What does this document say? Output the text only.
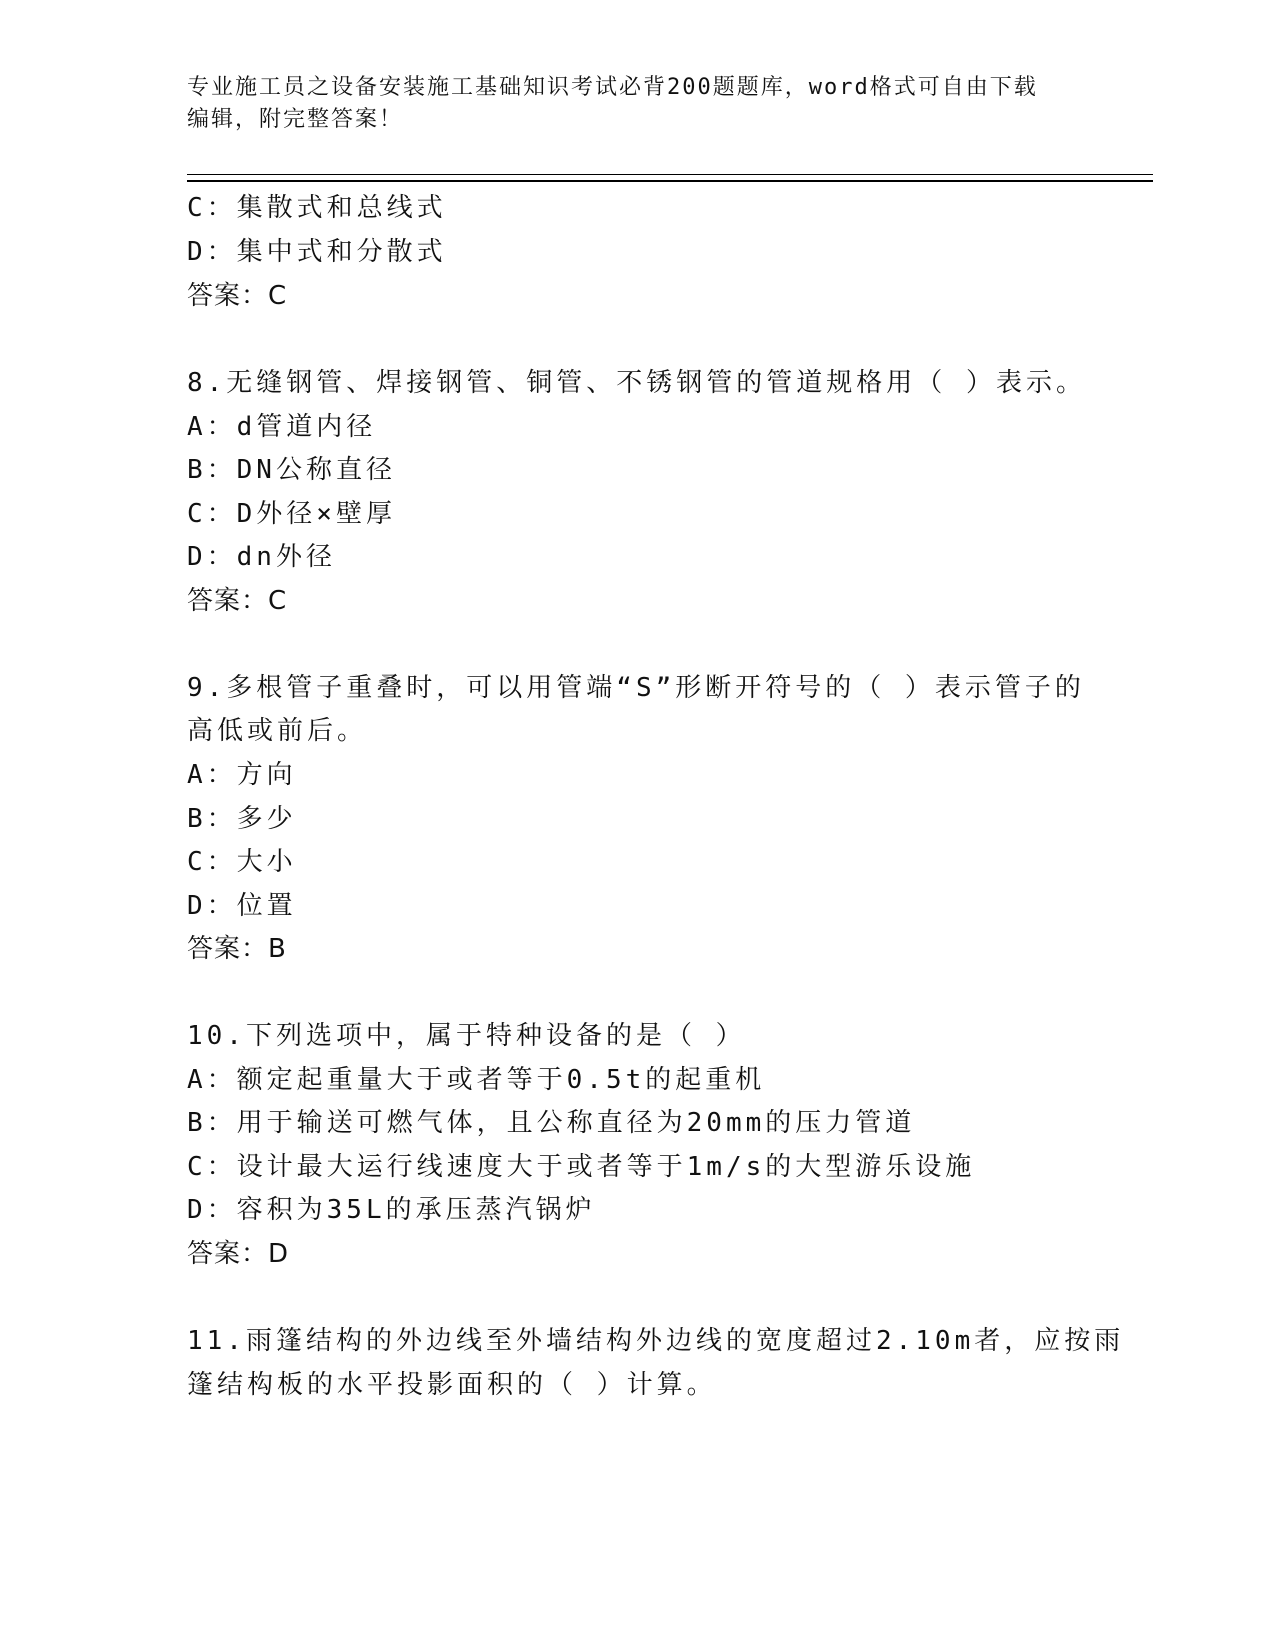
专业施工员之设备安装施工基础知识考试必背200题题库，word格式可自由下载
编辑，附完整答案！
C：集散式和总线式
D：集中式和分散式
答案：C
8.无缝钢管、焊接钢管、铜管、不锈钢管的管道规格用（ ）表示。
A：d管道内径
B：DN公称直径
C：D外径×壁厚
D：dn外径
答案：C
9.多根管子重叠时，可以用管端“S”形断开符号的（ ）表示管子的
高低或前后。
A：方向
B：多少
C：大小
D：位置
答案：B
10.下列选项中，属于特种设备的是（ ）
A：额定起重量大于或者等于0.5t的起重机
B：用于输送可燃气体，且公称直径为20mm的压力管道
C：设计最大运行线速度大于或者等于1m/s的大型游乐设施
D：容积为35L的承压蒸汽锅炉
答案：D
11.雨篷结构的外边线至外墙结构外边线的宽度超过2.10m者，应按雨
篷结构板的水平投影面积的（ ）计算。
